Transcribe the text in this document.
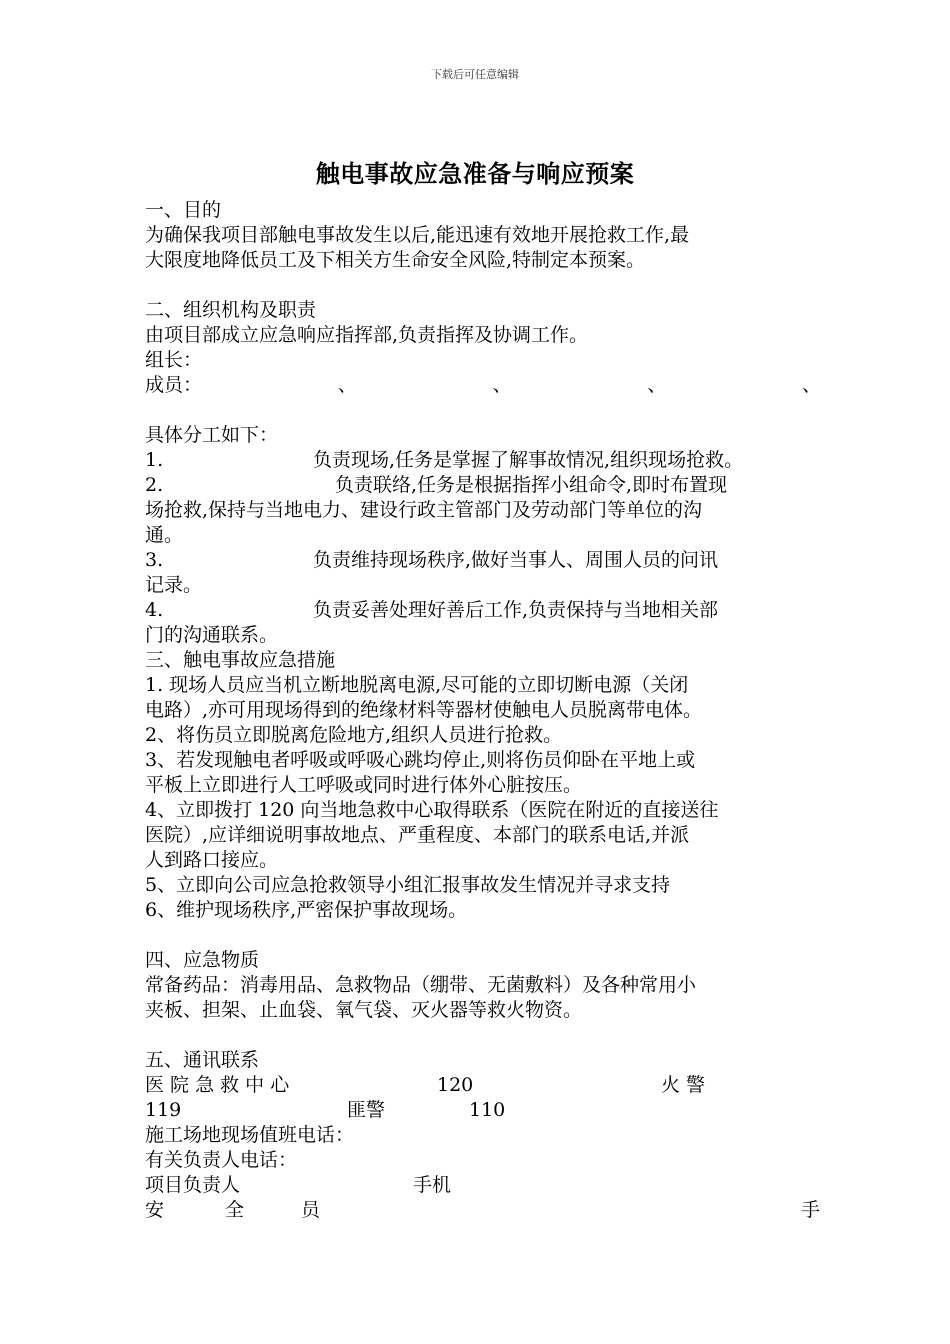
下载后可任意编辑
触电事故应急准备与响应预案
一、目的
为确保我项目部触电事故发生以后,能迅速有效地开展抢救工作,最
大限度地降低员工及下相关方生命安全风险,特制定本预案。
二、组织机构及职责
由项目部成立应急响应指挥部,负责指挥及协调工作。
组长：
成员：	、	、	、	、
具体分工如下：
1.	负责现场,任务是掌握了解事故情况,组织现场抢救。
2.	负责联络,任务是根据指挥小组命令,即时布置现
场抢救,保持与当地电力、建设行政主管部门及劳动部门等单位的沟
通。
3.	负责维持现场秩序,做好当事人、周围人员的问讯
记录。
4.	负责妥善处理好善后工作,负责保持与当地相关部
门的沟通联系。
三、触电事故应急措施
1. 现场人员应当机立断地脱离电源,尽可能的立即切断电源（关闭
电路）,亦可用现场得到的绝缘材料等器材使触电人员脱离带电体。
2、将伤员立即脱离危险地方,组织人员进行抢救。
3、若发现触电者呼吸或呼吸心跳均停止,则将伤员仰卧在平地上或
平板上立即进行人工呼吸或同时进行体外心脏按压。
4、立即拨打 120 向当地急救中心取得联系（医院在附近的直接送往
医院）,应详细说明事故地点、严重程度、本部门的联系电话,并派
人到路口接应。
5、立即向公司应急抢救领导小组汇报事故发生情况并寻求支持
6、维护现场秩序,严密保护事故现场。
四、应急物质
常备药品：消毒用品、急救物品（绷带、无菌敷料）及各种常用小
夹板、担架、止血袋、氧气袋、灭火器等救火物资。
五、通讯联系
医 院 急 救 中 心	120	火 警
119	匪警	110
施工场地现场值班电话：
有关负责人电话：
项目负责人	手机
安	全	员	手
